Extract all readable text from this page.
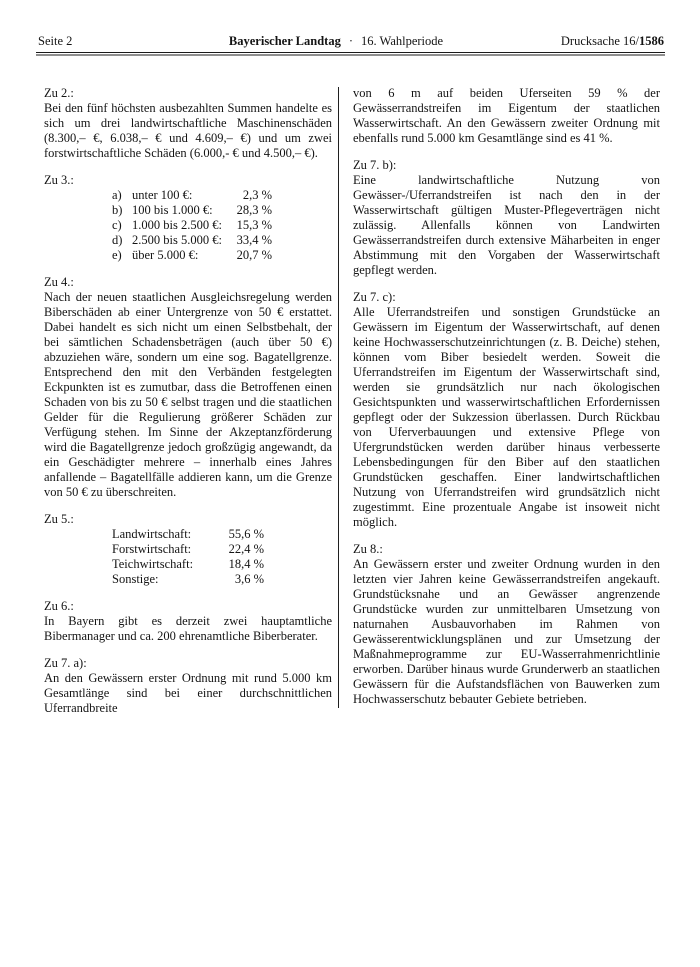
Seite 2	Bayerischer Landtag · 16. Wahlperiode	Drucksache 16/1586
Zu 2.:

Bei den fünf höchsten ausbezahlten Summen handelte es sich um drei landwirtschaftliche Maschinenschäden (8.300,– €, 6.038,– € und 4.609,– €) und um zwei forstwirtschaftliche Schäden (6.000,- € und 4.500,– €).

Zu 3.:
a) unter 100 €:	2,3 %
b) 100 bis 1.000 €:	28,3 %
c) 1.000 bis 2.500 €:	15,3 %
d) 2.500 bis 5.000 €:	33,4 %
e) über 5.000 €:	20,7 %
Zu 4.:

Nach der neuen staatlichen Ausgleichsregelung werden Biberschäden ab einer Untergrenze von 50 € erstattet. Dabei handelt es sich nicht um einen Selbstbehalt, der bei sämtlichen Schadensbeträgen (auch über 50 €) abzuziehen wäre, sondern um eine sog. Bagatellgrenze. Entsprechend den mit den Verbänden festgelegten Eckpunkten ist es zumutbar, dass die Betroffenen einen Schaden von bis zu 50 € selbst tragen und die staatlichen Gelder für die Regulierung größerer Schäden zur Verfügung stehen. Im Sinne der Akzeptanzförderung wird die Bagatellgrenze jedoch großzügig angewandt, da ein Geschädigter mehrere – innerhalb eines Jahres anfallende – Bagatellfälle addieren kann, um die Grenze von 50 € zu überschreiten.

Zu 5.:
Landwirtschaft:	55,6 %
Forstwirtschaft:	22,4 %
Teichwirtschaft:	18,4 %
Sonstige:	3,6 %
Zu 6.:

In Bayern gibt es derzeit zwei hauptamtliche Bibermanager und ca. 200 ehrenamtliche Biberberater.

Zu 7. a):

An den Gewässern erster Ordnung mit rund 5.000 km Gesamtlänge sind bei einer durchschnittlichen Uferrandbreite

von 6 m auf beiden Uferseiten 59 % der Gewässerrandstreifen im Eigentum der staatlichen Wasserwirtschaft. An den Gewässern zweiter Ordnung mit ebenfalls rund 5.000 km Gesamtlänge sind es 41 %.

Zu 7. b):

Eine landwirtschaftliche Nutzung von Gewässer-/Uferrandstreifen ist nach den in der Wasserwirtschaft gültigen Muster-Pflegeverträgen nicht zulässig. Allenfalls können von Landwirten Gewässerrandstreifen durch extensive Mäharbeiten in enger Abstimmung mit den Vorgaben der Wasserwirtschaft gepflegt werden.

Zu 7. c):

Alle Uferrandstreifen und sonstigen Grundstücke an Gewässern im Eigentum der Wasserwirtschaft, auf denen keine Hochwasserschutzeinrichtungen (z. B. Deiche) stehen, können vom Biber besiedelt werden. Soweit die Uferrandstreifen im Eigentum der Wasserwirtschaft sind, werden sie grundsätzlich nur nach ökologischen Gesichtspunkten und wasserwirtschaftlichen Erfordernissen gepflegt oder der Sukzession überlassen. Durch Rückbau von Uferverbauungen und extensive Pflege von Ufergrundstücken werden darüber hinaus verbesserte Lebensbedingungen für den Biber auf den staatlichen Grundstücken geschaffen. Einer landwirtschaftlichen Nutzung von Uferrandstreifen wird grundsätzlich nicht zugestimmt. Eine prozentuale Angabe ist insoweit nicht möglich.

Zu 8.:

An Gewässern erster und zweiter Ordnung wurden in den letzten vier Jahren keine Gewässerrandstreifen angekauft. Grundstücksnahe und an Gewässer angrenzende Grundstücke wurden zur unmittelbaren Umsetzung von naturnahen Ausbauvorhaben im Rahmen von Gewässerentwicklungsplänen und zur Umsetzung der Maßnahmeprogramme zur EU-Wasserrahmenrichtlinie erworben. Darüber hinaus wurde Grunderwerb an staatlichen Gewässern für die Aufstandsflächen von Bauwerken zum Hochwasserschutz bebauter Gebiete betrieben.
